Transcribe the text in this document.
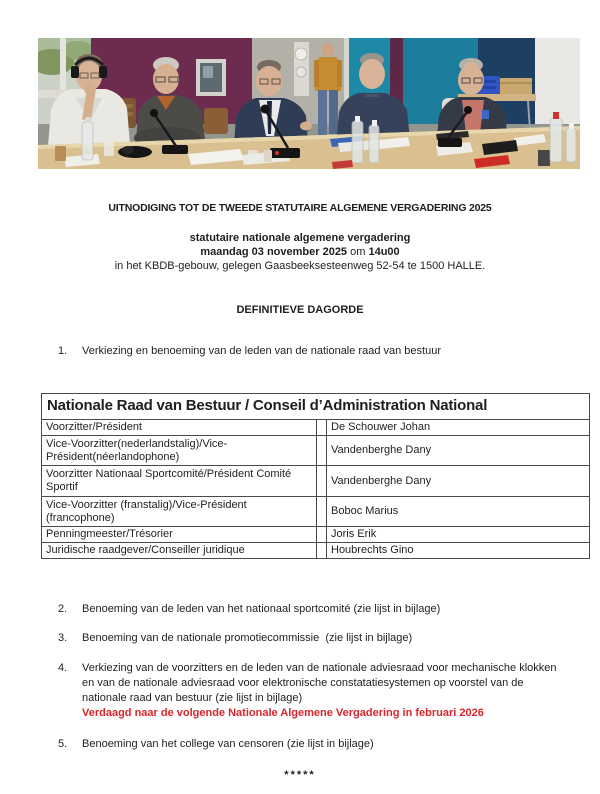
UITNODIGING TOT DE TWEEDE STATUTAIRE ALGEMENE VERGADERING 2025
statutaire nationale algemene vergadering
maandag 03 november 2025 om 14u00
in het KBDB-gebouw, gelegen Gaasbeeksesteenweg 52-54 te 1500 HALLE.
DEFINITIEVE DAGORDE
1.	Verkiezing en benoeming van de leden van de nationale raad van bestuur
Nationale Raad van Bestuur / Conseil d’Administration National		
Voorzitter/Président		De Schouwer Johan
Vice-Voorzitter(nederlandstalig)/Vice-Président(néerlandophone)		Vandenberghe Dany
Voorzitter Nationaal Sportcomité/Président Comité Sportif		Vandenberghe Dany
Vice-Voorzitter (franstalig)/Vice-Président (francophone)		Boboc Marius
Penningmeester/Trésorier		Joris Erik
Juridische raadgever/Conseiller juridique		Houbrechts Gino
2.	Benoeming van de leden van het nationaal sportcomité (zie lijst in bijlage)
3.	Benoeming van de nationale promotiecommissie  (zie lijst in bijlage)
4.	Verkiezing van de voorzitters en de leden van de nationale adviesraad voor mechanische klokken en van de nationale adviesraad voor elektronische constatatiesystemen op voorstel van de nationale raad van bestuur (zie lijst in bijlage)
Verdaagd naar de volgende Nationale Algemene Vergadering in februari 2026
5.	Benoeming van het college van censoren (zie lijst in bijlage)
*****
